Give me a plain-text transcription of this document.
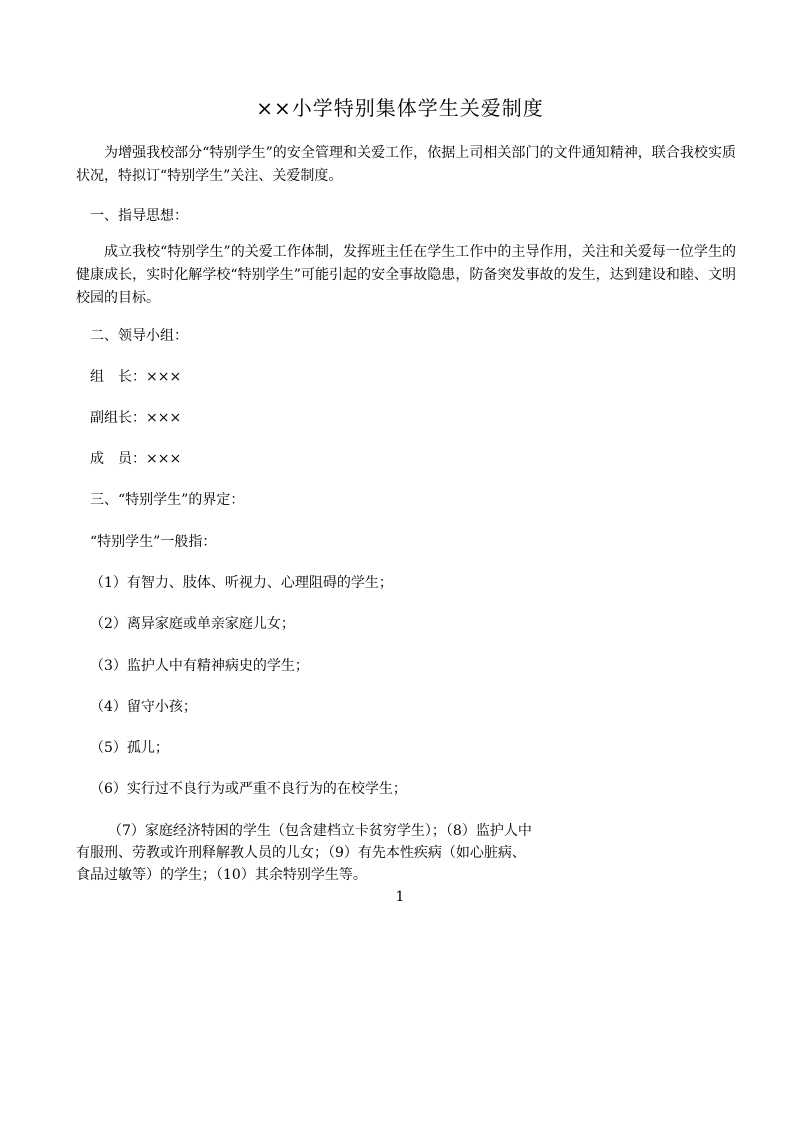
××小学特别集体学生关爱制度

为增强我校部分“特别学生”的安全管理和关爱工作，依据上司相关部门的文件通知精神，联合我校实质状况，特拟订“特别学生”关注、关爱制度。

一、指导思想：

成立我校“特别学生”的关爱工作体制，发挥班主任在学生工作中的主导作用，关注和关爱每一位学生的健康成长，实时化解学校“特别学生”可能引起的安全事故隐患，防备突发事故的发生，达到建设和睦、文明校园的目标。

二、领导小组：

组　长：×××

副组长：×××

成　员：×××

三、“特别学生”的界定：

“特别学生”一般指：

（1）有智力、肢体、听视力、心理阻碍的学生；

（2）离异家庭或单亲家庭儿女；

（3）监护人中有精神病史的学生；

（4）留守小孩；

（5）孤儿；

（6）实行过不良行为或严重不良行为的在校学生；

（7）家庭经济特困的学生（包含建档立卡贫穷学生）；（8）监护人中有服刑、劳教或许刑释解教人员的儿女；（9）有先本性疾病（如心脏病、食品过敏等）的学生；（10）其余特别学生等。

1
